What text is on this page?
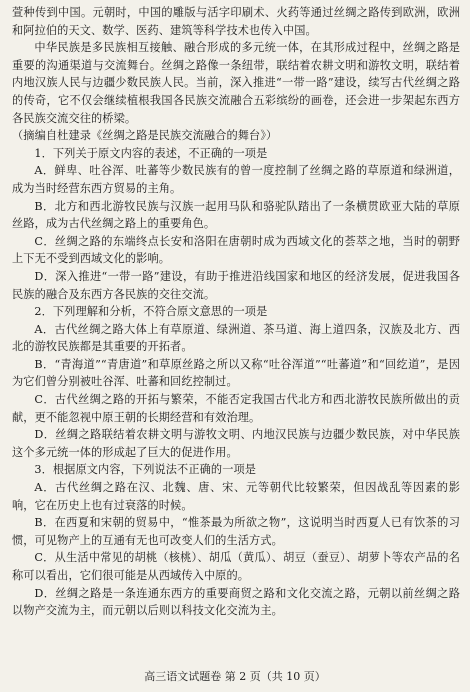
萱种传到中国。元朝时，中国的雕版与活字印刷术、火药等通过丝绸之路传到欧洲，欧洲和阿拉伯的天文、数学、医药、建筑等科学技术也传入中国。

中华民族是多民族相互接触、融合形成的多元统一体，在其形成过程中，丝绸之路是重要的沟通渠道与交流舞台。丝绸之路像一条纽带，联结着农耕文明和游牧文明，联结着内地汉族人民与边疆少数民族人民。当前，深入推进“一带一路”建设，续写古代丝绸之路的传奇，它不仅会继续植根我国各民族交流融合五彩缤纷的画卷，还会进一步架起东西方各民族交流交往的桥梁。

（摘编自杜建录《丝绸之路是民族交流融合的舞台》）

1．下列关于原文内容的表述，不正确的一项是

A．鲜卑、吐谷浑、吐蕃等少数民族有的曾一度控制了丝绸之路的草原道和绿洲道，成为当时经营东西方贸易的主角。

B．北方和西北游牧民族与汉族一起用马队和骆驼队踏出了一条横贯欧亚大陆的草原丝路，成为古代丝绸之路上的重要角色。

C．丝绸之路的东端终点长安和洛阳在唐朝时成为西域文化的荟萃之地，当时的朝野上下无不受到西域文化的影响。

D．深入推进“一带一路”建设，有助于推进沿线国家和地区的经济发展，促进我国各民族的融合及东西方各民族的交往交流。

2．下列理解和分析，不符合原文意思的一项是

A．古代丝绸之路大体上有草原道、绿洲道、茶马道、海上道四条，汉族及北方、西北的游牧民族都是其重要的开拓者。

B．“青海道”“青唐道”和草原丝路之所以又称“吐谷浑道”“吐蕃道”和“回纥道”，是因为它们曾分别被吐谷浑、吐蕃和回纥控制过。

C．古代丝绸之路的开拓与繁荣，不能否定我国古代北方和西北游牧民族所做出的贡献，更不能忽视中原王朝的长期经营和有效治理。

D．丝绸之路联结着农耕文明与游牧文明、内地汉民族与边疆少数民族，对中华民族这个多元统一体的形成起了巨大的促进作用。

3．根据原文内容，下列说法不正确的一项是

A．古代丝绸之路在汉、北魏、唐、宋、元等朝代比较繁荣，但因战乱等因素的影响，它在历史上也有过衰落的时候。

B．在西夏和宋朝的贸易中，“惟茶最为所欲之物”，这说明当时西夏人已有饮茶的习惯，可见物产上的互通有无也可改变人们的生活方式。

C．从生活中常见的胡桃（核桃）、胡瓜（黄瓜）、胡豆（蚕豆）、胡萝卜等农产品的名称可以看出，它们很可能是从西域传入中原的。

D．丝绸之路是一条连通东西方的重要商贸之路和文化交流之路，元朝以前丝绸之路以物产交流为主，而元朝以后则以科技文化交流为主。

高三语文试题卷 第 2 页（共 10 页）
